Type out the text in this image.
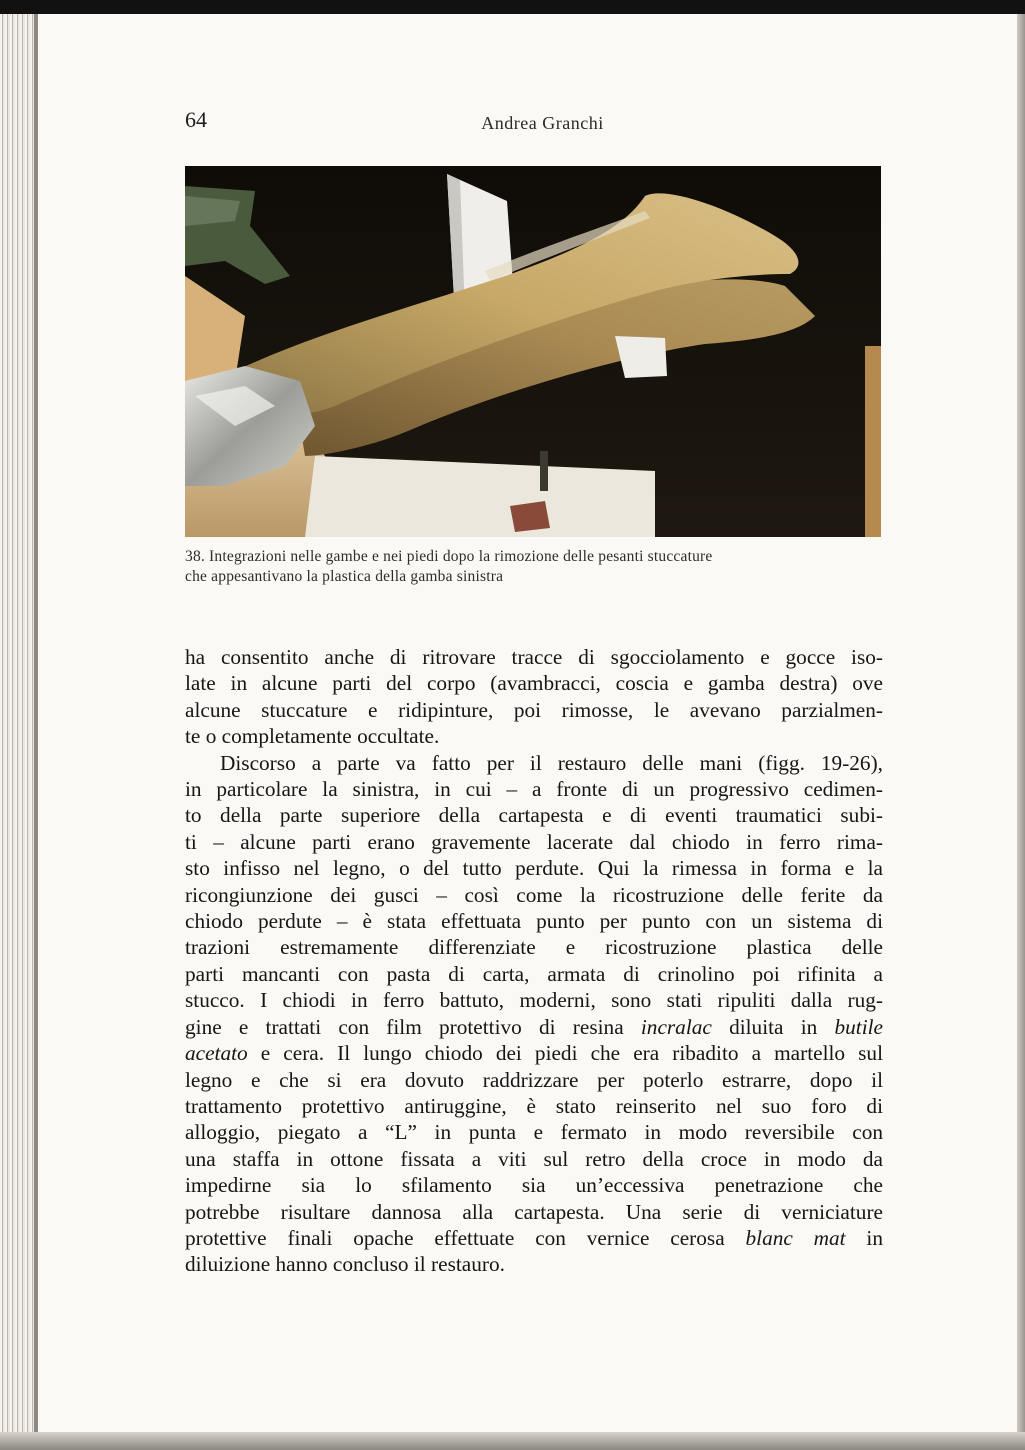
64	Andrea Granchi
38. Integrazioni nelle gambe e nei piedi dopo la rimozione delle pesanti stuccature
che appesantivano la plastica della gamba sinistra
ha consentito anche di ritrovare tracce di sgocciolamento e gocce iso-
late in alcune parti del corpo (avambracci, coscia e gamba destra) ove
alcune stuccature e ridipinture, poi rimosse, le avevano parzialmen-
te o completamente occultate.
Discorso a parte va fatto per il restauro delle mani (figg. 19-26),
in particolare la sinistra, in cui – a fronte di un progressivo cedimen-
to della parte superiore della cartapesta e di eventi traumatici subi-
ti – alcune parti erano gravemente lacerate dal chiodo in ferro rima-
sto infisso nel legno, o del tutto perdute. Qui la rimessa in forma e la
ricongiunzione dei gusci – così come la ricostruzione delle ferite da
chiodo perdute – è stata effettuata punto per punto con un sistema di
trazioni estremamente differenziate e ricostruzione plastica delle
parti mancanti con pasta di carta, armata di crinolino poi rifinita a
stucco. I chiodi in ferro battuto, moderni, sono stati ripuliti dalla rug-
gine e trattati con film protettivo di resina incralac diluita in butile
acetato e cera. Il lungo chiodo dei piedi che era ribadito a martello sul
legno e che si era dovuto raddrizzare per poterlo estrarre, dopo il
trattamento protettivo antiruggine, è stato reinserito nel suo foro di
alloggio, piegato a “L” in punta e fermato in modo reversibile con
una staffa in ottone fissata a viti sul retro della croce in modo da
impedirne sia lo sfilamento sia un’eccessiva penetrazione che
potrebbe risultare dannosa alla cartapesta. Una serie di verniciature
protettive finali opache effettuate con vernice cerosa blanc mat in
diluizione hanno concluso il restauro.
